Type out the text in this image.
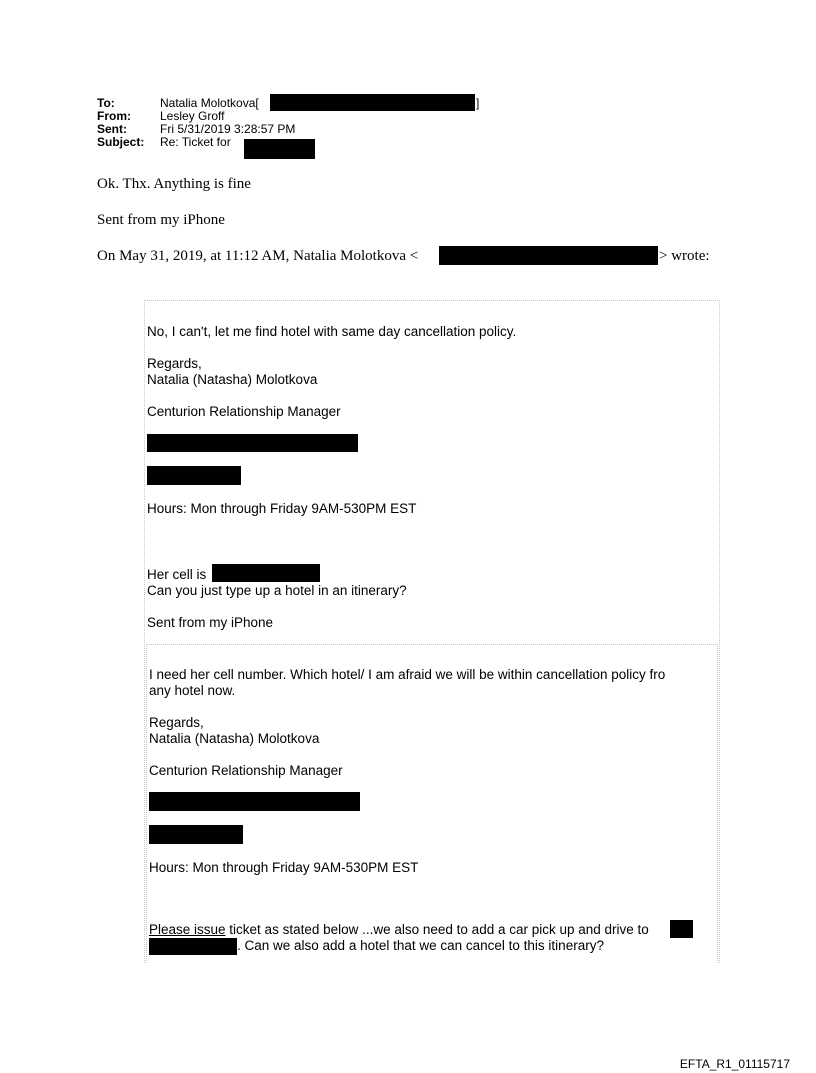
To:	Natalia Molotkova[	]
From: Lesley Groff
Sent:	Fri 5/31/2019 3:28:57 PM
Subject: Re: Ticket for
Ok. Thx. Anything is fine
Sent from my iPhone
On May 31, 2019, at 11:12 AM, Natalia Molotkova <	> wrote:
No, I can't, let me find hotel with same day cancellation policy.
Regards,
Natalia (Natasha) Molotkova
Centurion Relationship Manager
Hours: Mon through Friday 9AM-530PM EST
Her cell is
Can you just type up a hotel in an itinerary?
Sent from my iPhone
I need her cell number. Which hotel/ I am afraid we will be within cancellation policy fro
any hotel now.
Regards,
Natalia (Natasha) Molotkova
Centurion Relationship Manager
Hours: Mon through Friday 9AM-530PM EST
Please issue ticket as stated below ...we also need to add a car pick up and drive to
. Can we also add a hotel that we can cancel to this itinerary?
EFTA_R1_01115717
